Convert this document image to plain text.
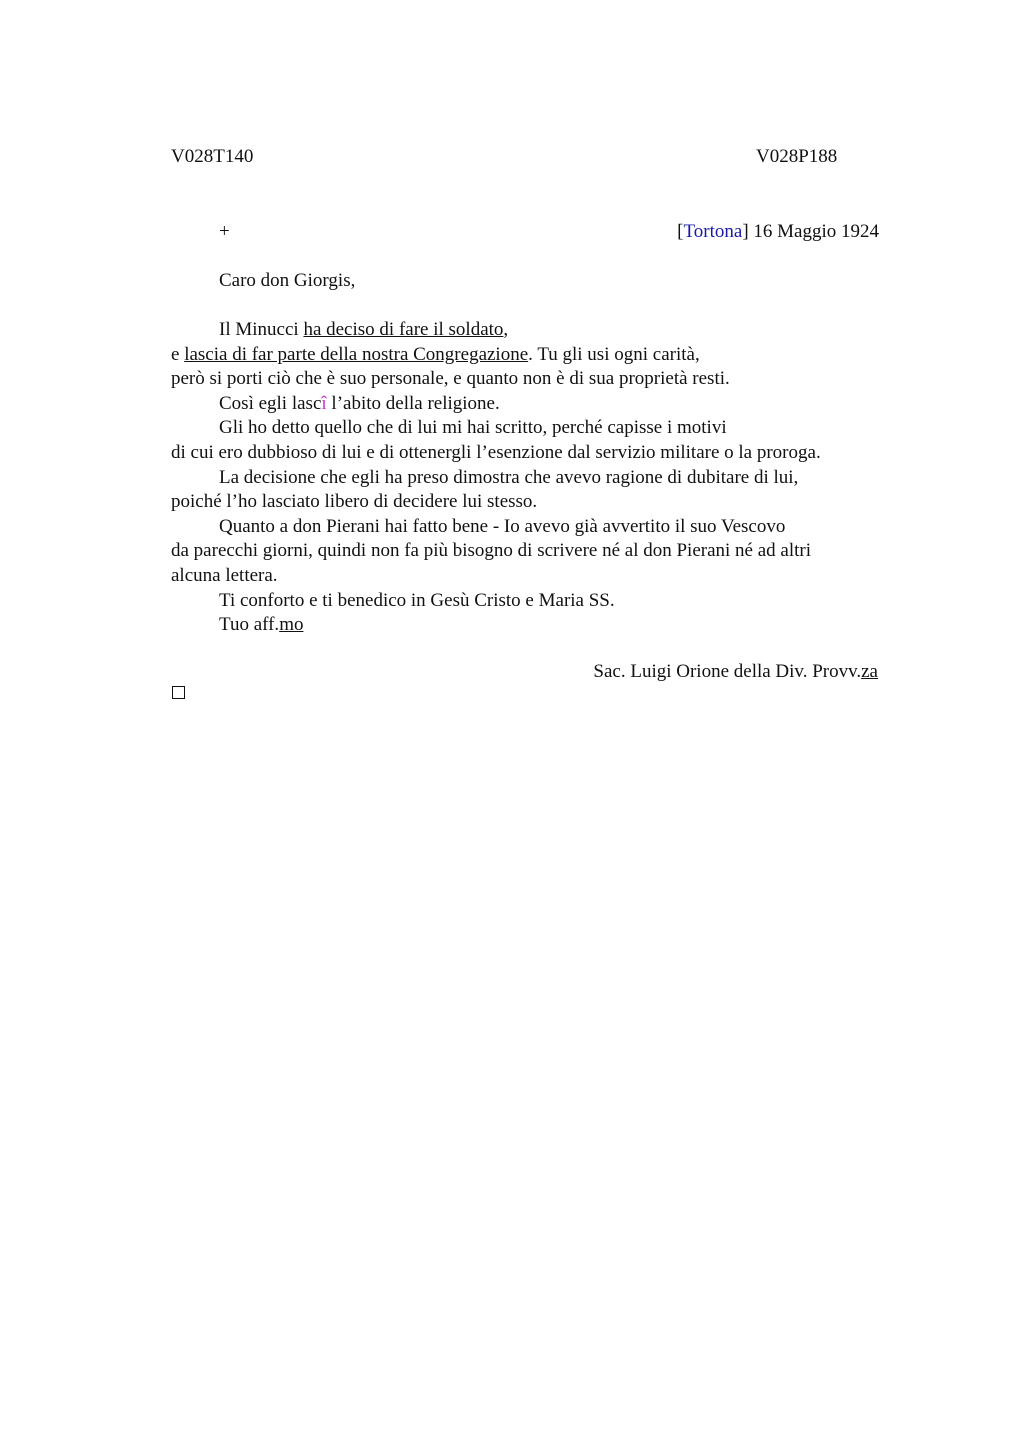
V028T140	V028P188
+	[Tortona] 16 Maggio 1924
Caro don Giorgis,
Il Minucci ha deciso di fare il soldato,
e lascia di far parte della nostra Congregazione. Tu gli usi ogni carità,
però si porti ciò che è suo personale, e quanto non è di sua proprietà resti.
Così egli lascî l’abito della religione.
Gli ho detto quello che di lui mi hai scritto, perché capisse i motivi
di cui ero dubbioso di lui e di ottenergli l’esenzione dal servizio militare o la proroga.
La decisione che egli ha preso dimostra che avevo ragione di dubitare di lui,
poiché l’ho lasciato libero di decidere lui stesso.
Quanto a don Pierani hai fatto bene - Io avevo già avvertito il suo Vescovo
da parecchi giorni, quindi non fa più bisogno di scrivere né al don Pierani né ad altri
alcuna lettera.
Ti conforto e ti benedico in Gesù Cristo e Maria SS.
Tuo aff.mo
Sac. Luigi Orione della Div. Provv.za
